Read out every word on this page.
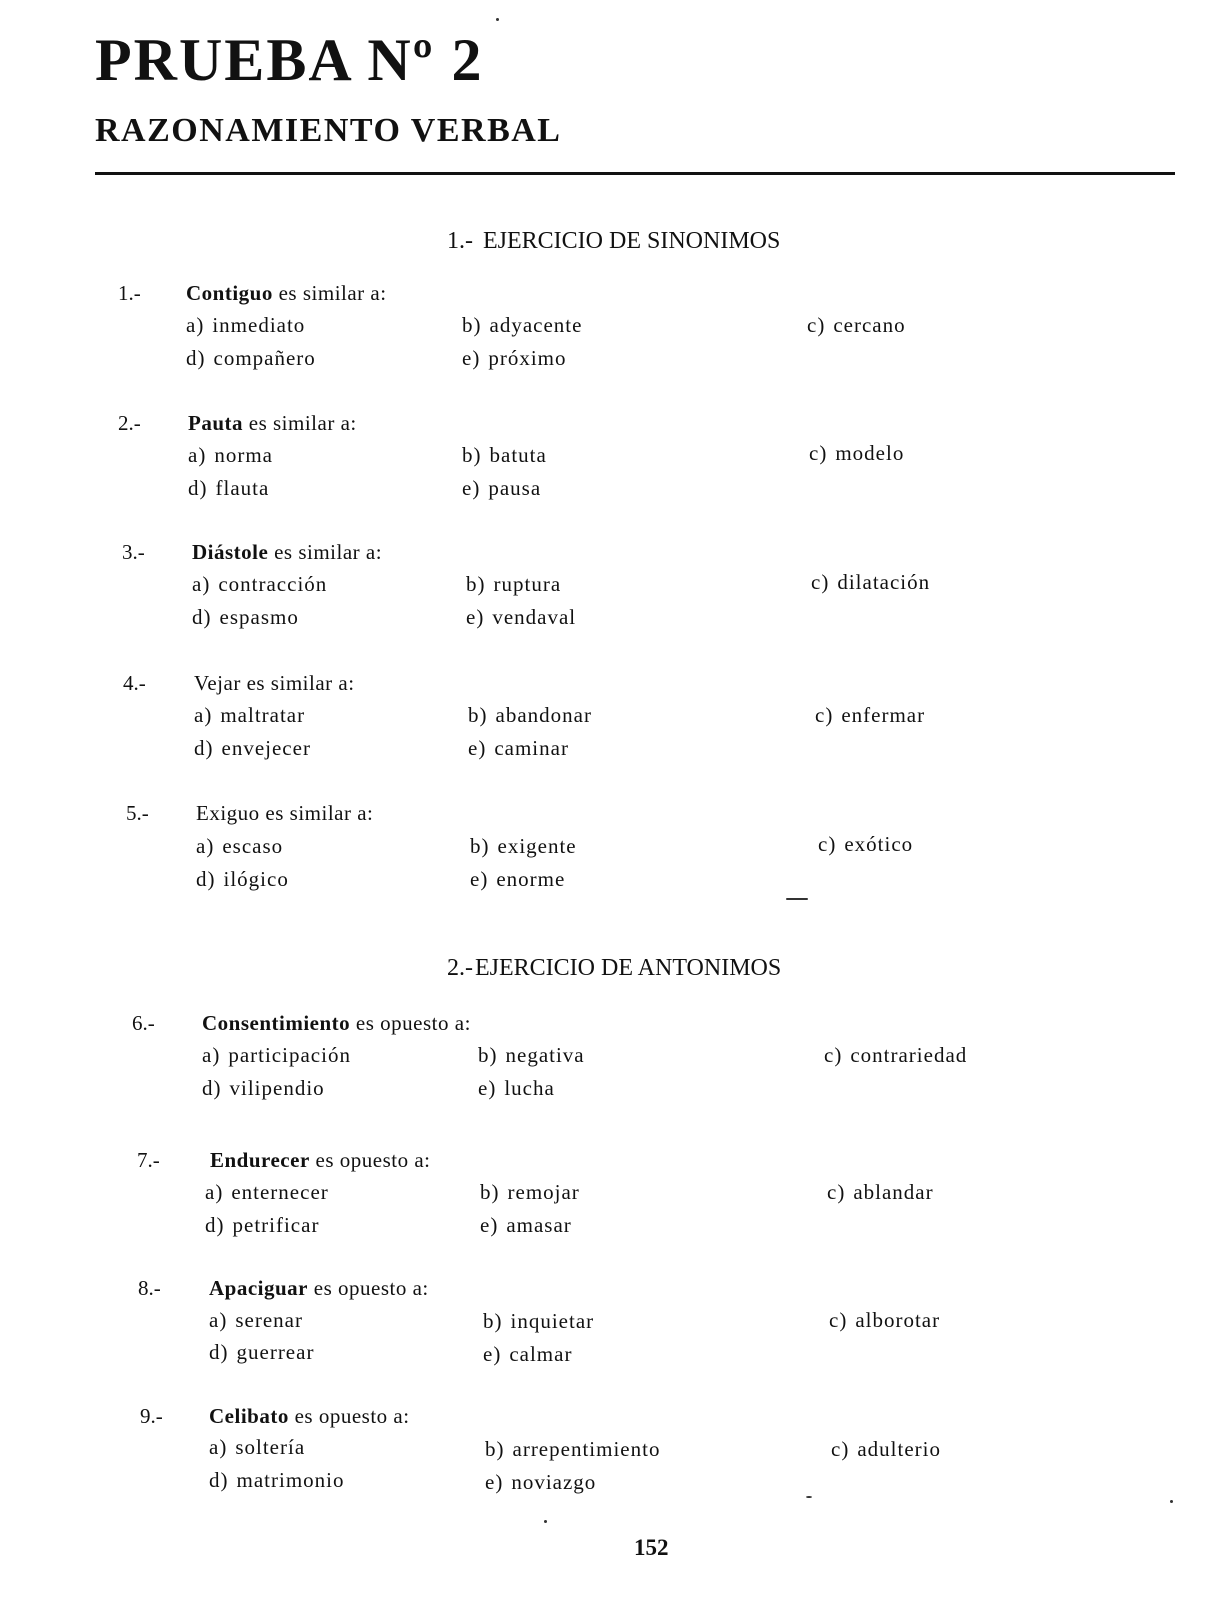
PRUEBA Nº 2
RAZONAMIENTO VERBAL
1.- EJERCICIO DE SINONIMOS
1.- Contiguo es similar a:
a) inmediato	b) adyacente	c) cercano
d) compañero	e) próximo
2.- Pauta es similar a:
a) norma	b) batuta	c) modelo
d) flauta	e) pausa
3.- Diástole es similar a:
a) contracción	b) ruptura	c) dilatación
d) espasmo	e) vendaval
4.- Vejar es similar a:
a) maltratar	b) abandonar	c) enfermar
d) envejecer	e) caminar
5.- Exiguo es similar a:
a) escaso	b) exigente	c) exótico
d) ilógico	e) enorme
2.-EJERCICIO DE ANTONIMOS
6.- Consentimiento es opuesto a:
a) participación	b) negativa	c) contrariedad
d) vilipendio	e) lucha
7.- Endurecer es opuesto a:
a) enternecer	b) remojar	c) ablandar
d) petrificar	e) amasar
8.- Apaciguar es opuesto a:
a) serenar	b) inquietar	c) alborotar
d) guerrear	e) calmar
9.- Celibato es opuesto a:
a) soltería	b) arrepentimiento	c) adulterio
d) matrimonio	e) noviazgo
152
